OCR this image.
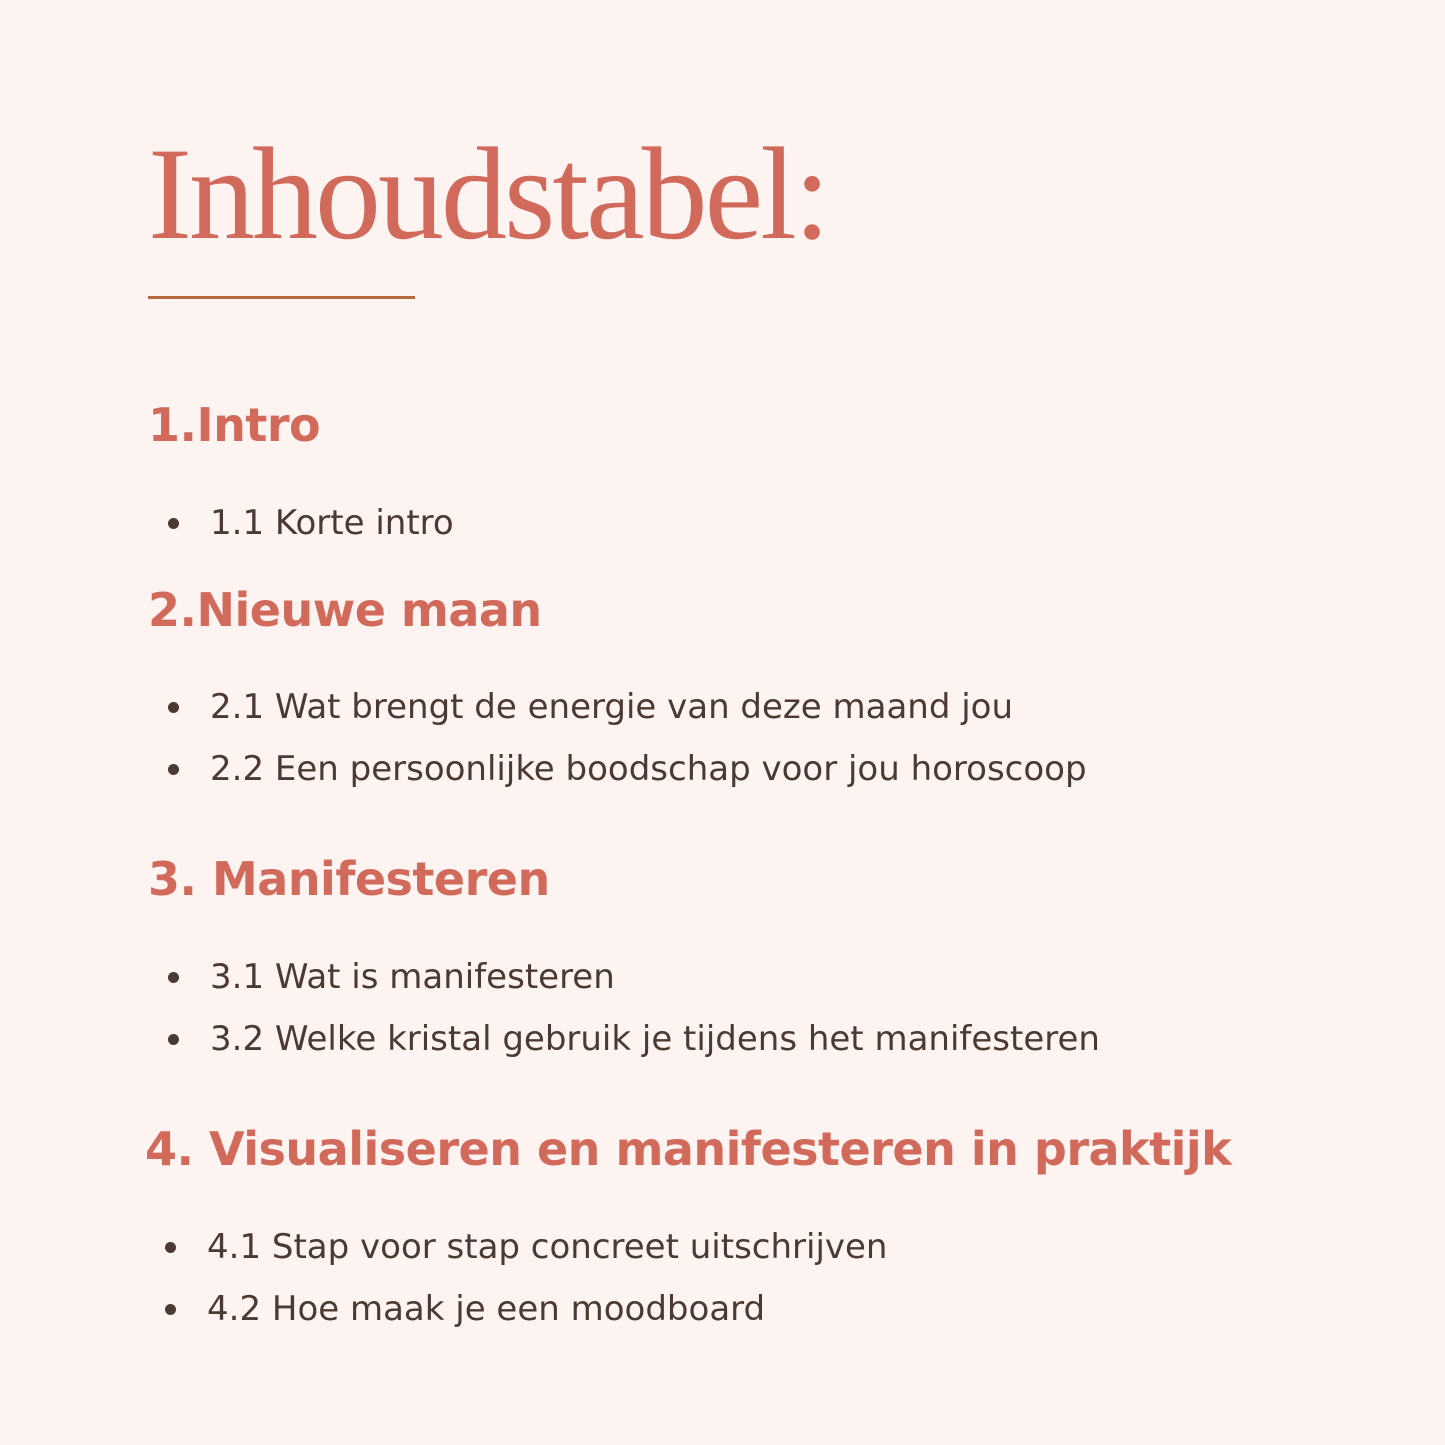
Inhoudstabel:
1.Intro
1.1 Korte intro
2.Nieuwe maan
2.1 Wat brengt de energie van deze maand jou
2.2 Een persoonlijke boodschap voor jou horoscoop
3. Manifesteren
3.1 Wat is manifesteren
3.2 Welke kristal gebruik je tijdens het manifesteren
4. Visualiseren en manifesteren in praktijk
4.1 Stap voor stap concreet uitschrijven
4.2 Hoe maak je een moodboard
